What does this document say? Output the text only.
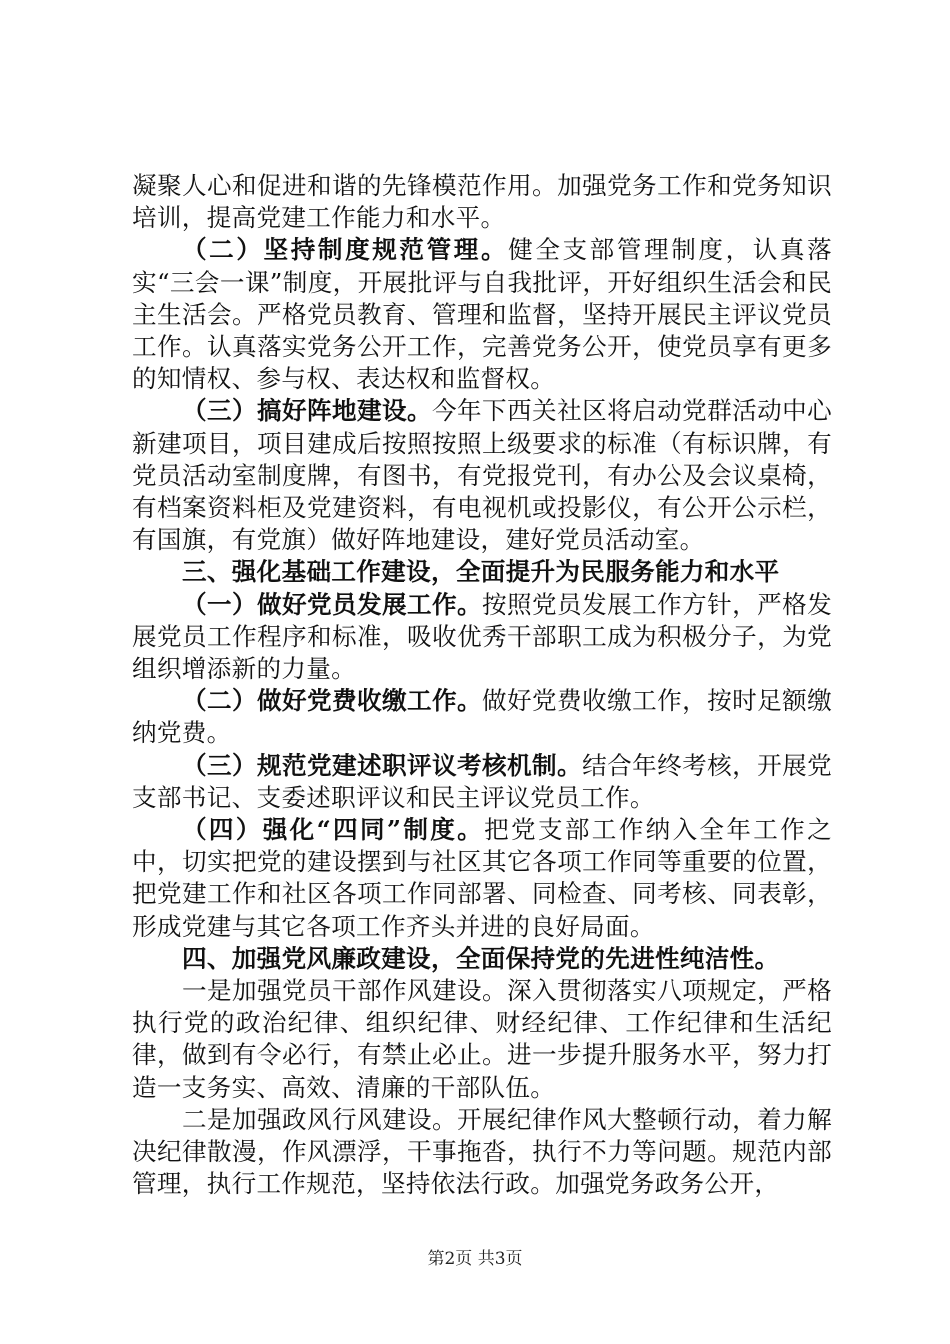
凝聚人心和促进和谐的先锋模范作用。加强党务工作和党务知识培训，提高党建工作能力和水平。

（二）坚持制度规范管理。健全支部管理制度，认真落实“三会一课”制度，开展批评与自我批评，开好组织生活会和民主生活会。严格党员教育、管理和监督，坚持开展民主评议党员工作。认真落实党务公开工作，完善党务公开，使党员享有更多的知情权、参与权、表达权和监督权。

（三）搞好阵地建设。今年下西关社区将启动党群活动中心新建项目，项目建成后按照按照上级要求的标准（有标识牌，有党员活动室制度牌，有图书，有党报党刊，有办公及会议桌椅，有档案资料柜及党建资料，有电视机或投影仪，有公开公示栏，有国旗，有党旗）做好阵地建设，建好党员活动室。

三、强化基础工作建设，全面提升为民服务能力和水平

（一）做好党员发展工作。按照党员发展工作方针，严格发展党员工作程序和标准，吸收优秀干部职工成为积极分子，为党组织增添新的力量。

（二）做好党费收缴工作。做好党费收缴工作，按时足额缴纳党费。

（三）规范党建述职评议考核机制。结合年终考核，开展党支部书记、支委述职评议和民主评议党员工作。

（四）强化“四同”制度。把党支部工作纳入全年工作之中，切实把党的建设摆到与社区其它各项工作同等重要的位置，把党建工作和社区各项工作同部署、同检查、同考核、同表彰，形成党建与其它各项工作齐头并进的良好局面。

四、加强党风廉政建设，全面保持党的先进性纯洁性。

一是加强党员干部作风建设。深入贯彻落实八项规定，严格执行党的政治纪律、组织纪律、财经纪律、工作纪律和生活纪律，做到有令必行，有禁止必止。进一步提升服务水平，努力打造一支务实、高效、清廉的干部队伍。

二是加强政风行风建设。开展纪律作风大整顿行动，着力解决纪律散漫，作风漂浮，干事拖沓，执行不力等问题。规范内部管理，执行工作规范，坚持依法行政。加强党务政务公开，

第2页 共3页
